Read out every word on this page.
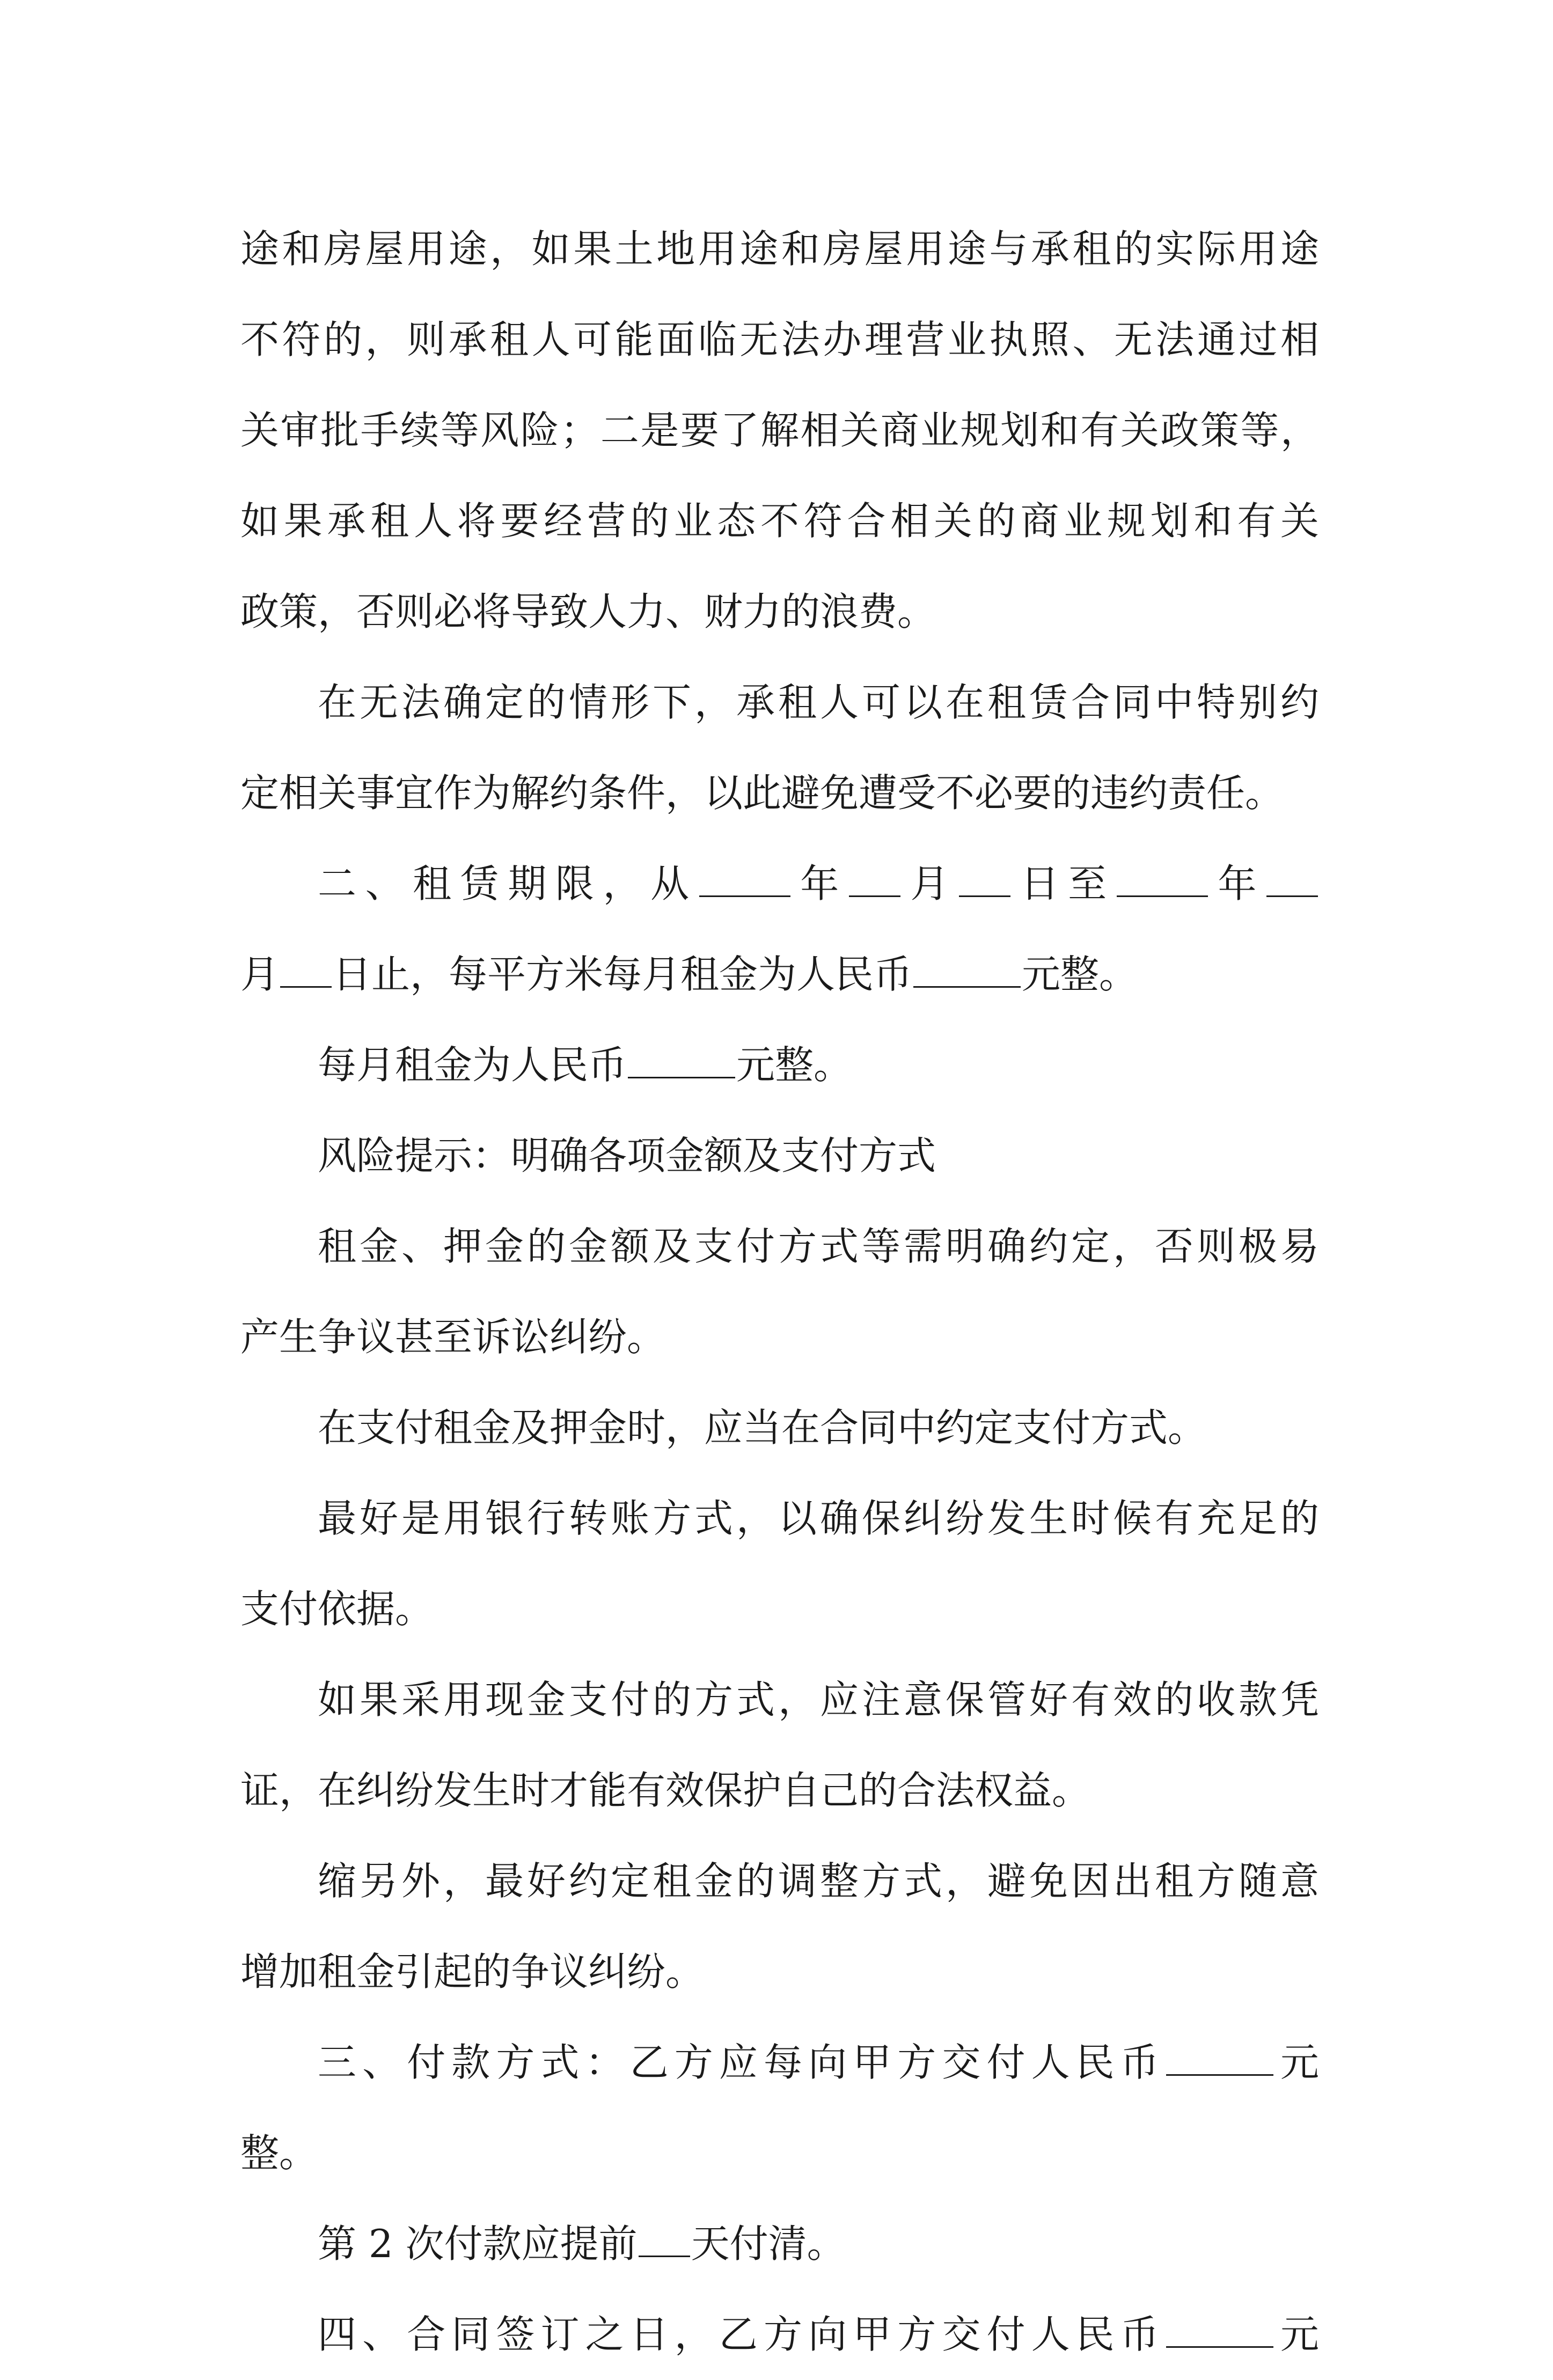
途和房屋用途，如果土地用途和房屋用途与承租的实际用途
不符的，则承租人可能面临无法办理营业执照、无法通过相
关审批手续等风险；二是要了解相关商业规划和有关政策等，
如果承租人将要经营的业态不符合相关的商业规划和有关
政策，否则必将导致人力、财力的浪费。
在无法确定的情形下，承租人可以在租赁合同中特别约
定相关事宜作为解约条件，以此避免遭受不必要的违约责任。
二、租赁期限，从 年 月 日至 年
月 日止，每平方米每月租金为人民币	元整。
每月租金为人民币	元整。
风险提示：明确各项金额及支付方式
租金、押金的金额及支付方式等需明确约定，否则极易
产生争议甚至诉讼纠纷。
在支付租金及押金时，应当在合同中约定支付方式。
最好是用银行转账方式，以确保纠纷发生时候有充足的
支付依据。
如果采用现金支付的方式，应注意保管好有效的收款凭
证，在纠纷发生时才能有效保护自己的合法权益。
缩另外，最好约定租金的调整方式，避免因出租方随意
增加租金引起的争议纠纷。
三、付款方式：乙方应每向甲方交付人民币	元
整。
第 2 次付款应提前 天付清。
四、合同签订之日，乙方向甲方交付人民币	元
